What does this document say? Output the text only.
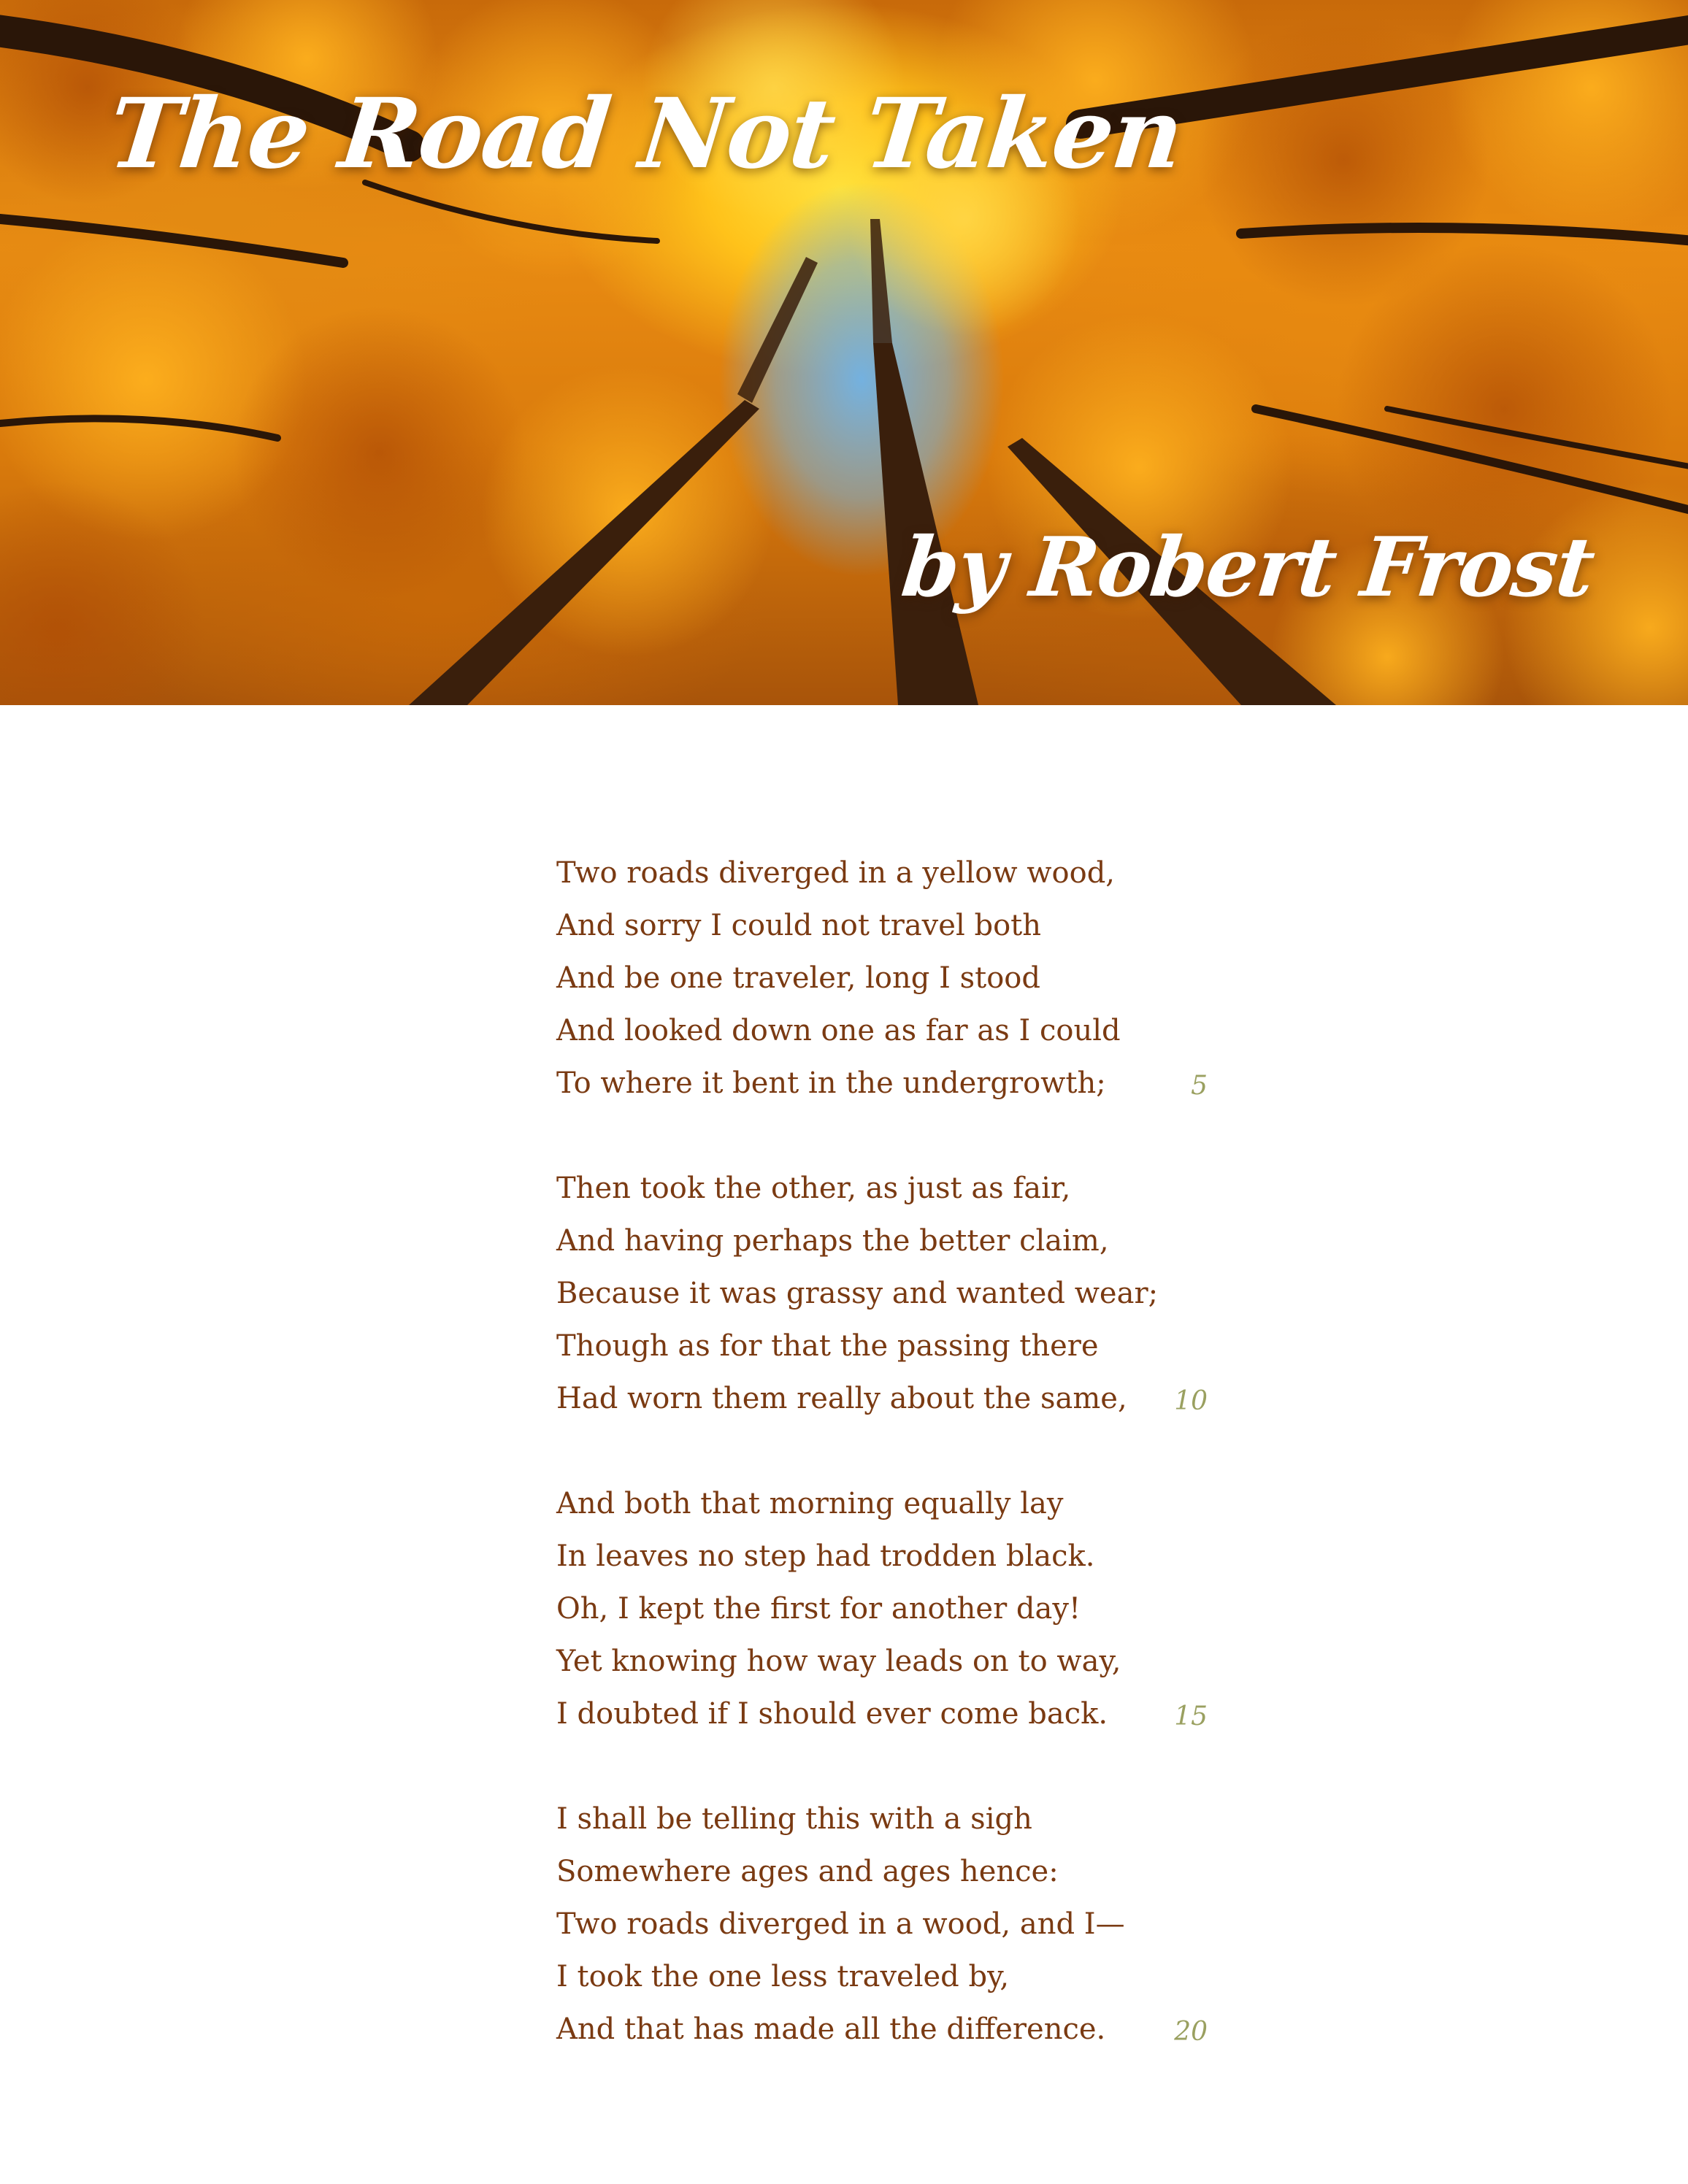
The Road Not Taken
by Robert Frost
Two roads diverged in a yellow wood,
And sorry I could not travel both
And be one traveler, long I stood
And looked down one as far as I could
To where it bent in the undergrowth;	5
Then took the other, as just as fair,
And having perhaps the better claim,
Because it was grassy and wanted wear;
Though as for that the passing there
Had worn them really about the same, 10
And both that morning equally lay
In leaves no step had trodden black.
Oh, I kept the first for another day!
Yet knowing how way leads on to way,
I doubted if I should ever come back.	15
I shall be telling this with a sigh
Somewhere ages and ages hence:
Two roads diverged in a wood, and I—
I took the one less traveled by,
And that has made all the difference.	20
